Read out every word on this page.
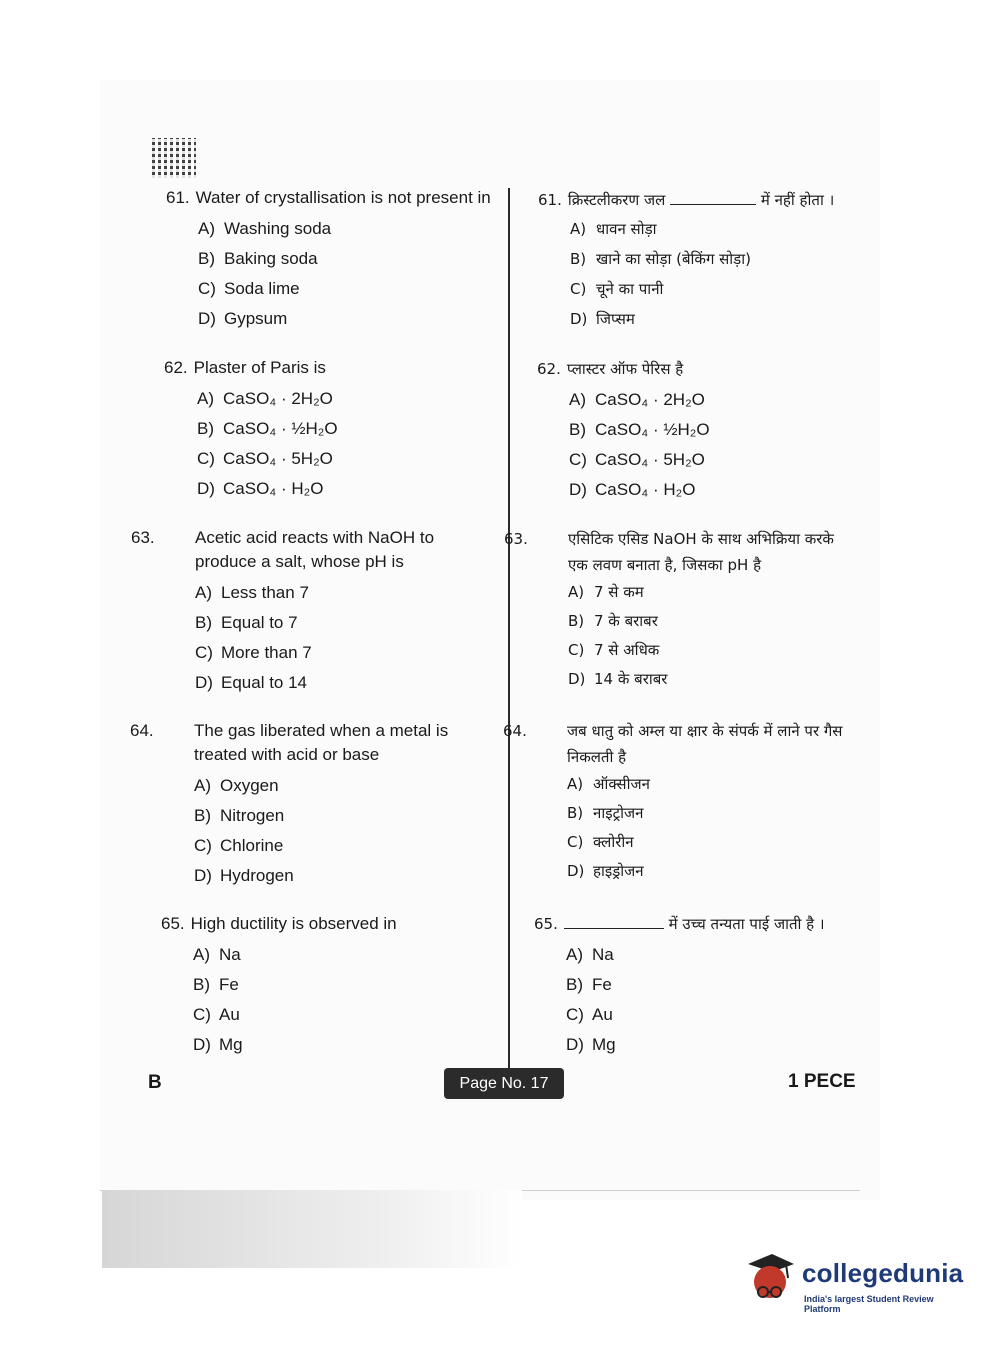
61. Water of crystallisation is not present in
A) Washing soda
B) Baking soda
C) Soda lime
D) Gypsum
62. Plaster of Paris is
A) CaSO₄ · 2H₂O
B) CaSO₄ · ½H₂O
C) CaSO₄ · 5H₂O
D) CaSO₄ · H₂O
63. Acetic acid reacts with NaOH to produce a salt, whose pH is
A) Less than 7
B) Equal to 7
C) More than 7
D) Equal to 14
64. The gas liberated when a metal is treated with acid or base
A) Oxygen
B) Nitrogen
C) Chlorine
D) Hydrogen
65. High ductility is observed in
A) Na
B) Fe
C) Au
D) Mg
61. क्रिस्टलीकरण जल	में नहीं होता ।
A) धावन सोड़ा
B) खाने का सोड़ा (बेकिंग सोड़ा)
C) चूने का पानी
D) जिप्सम
62. प्लास्टर ऑफ पेरिस है
A) CaSO₄ · 2H₂O
B) CaSO₄ · ½H₂O
C) CaSO₄ · 5H₂O
D) CaSO₄ · H₂O
63.	एसिटिक एसिड NaOH के साथ अभिक्रिया करके एक लवण बनाता है, जिसका pH है
A) 7 से कम
B) 7 के बराबर
C) 7 से अधिक
D) 14 के बराबर
64.	जब धातु को अम्ल या क्षार के संपर्क में लाने पर गैस निकलती है
A) ऑक्सीजन
B) नाइट्रोजन
C) क्लोरीन
D) हाइड्रोजन
65.	में उच्च तन्यता पाई जाती है ।
A) Na
B) Fe
C) Au
D) Mg
B	Page No. 17	1 PECE
collegedunia
India's largest Student Review Platform
